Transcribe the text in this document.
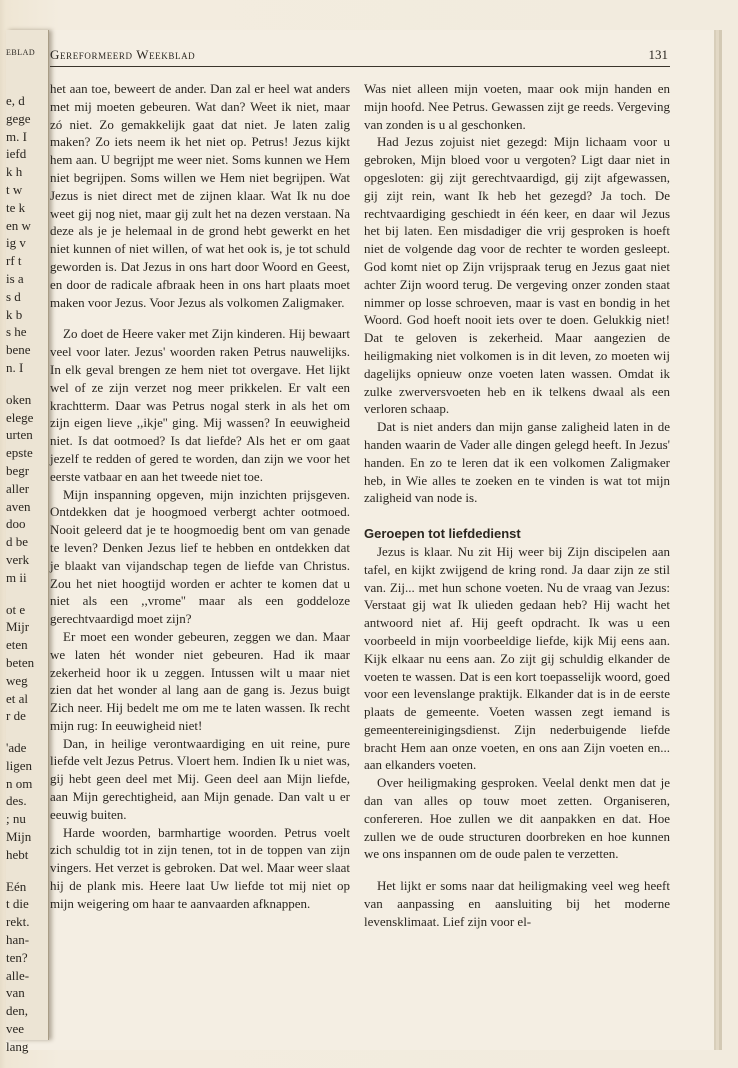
eblad
e, d
gege
m. I
iefd
k h
t w
te k
en w
ig v
rf t
is a
s d
k b
s he
bene
n. I
oken
elege
urten
epste
begr
aller
aven
doo
d be
verk
m ii
ot e
Mijr
eten
beten
weg
et al
r de
'ade
ligen
n om
des.
; nu
Mijn
hebt
Eén
t die
rekt.
han-
ten?
alle-
van
den,
vee
lang
Gereformeerd Weekblad	131

het aan toe, beweert de ander. Dan zal er heel wat anders met mij moeten gebeuren. Wat dan? Weet ik niet, maar zó niet. Zo gemakkelijk gaat dat niet. Je laten zalig maken? Zo iets neem ik het niet op. Petrus! Jezus kijkt hem aan. U begrijpt me weer niet. Soms kunnen we Hem niet begrijpen. Soms willen we Hem niet begrijpen. Wat Jezus is niet direct met de zijnen klaar. Wat Ik nu doe weet gij nog niet, maar gij zult het na dezen verstaan. Na deze als je je helemaal in de grond hebt gewerkt en het niet kunnen of niet willen, of wat het ook is, je tot schuld geworden is. Dat Jezus in ons hart door Woord en Geest, en door de radicale afbraak heen in ons hart plaats moet maken voor Jezus. Voor Jezus als volkomen Zaligmaker.

Zo doet de Heere vaker met Zijn kinderen. Hij bewaart veel voor later. Jezus' woorden raken Petrus nauwelijks. In elk geval brengen ze hem niet tot overgave. Het lijkt wel of ze zijn verzet nog meer prikkelen. Er valt een krachtterm. Daar was Petrus nogal sterk in als het om zijn eigen lieve ,,ikje'' ging. Mij wassen? In eeuwigheid niet. Is dat ootmoed? Is dat liefde? Als het er om gaat jezelf te redden of gered te worden, dan zijn we voor het eerste vatbaar en aan het tweede niet toe.

Mijn inspanning opgeven, mijn inzichten prijsgeven. Ontdekken dat je hoogmoed verbergt achter ootmoed. Nooit geleerd dat je te hoogmoedig bent om van genade te leven? Denken Jezus lief te hebben en ontdekken dat je blaakt van vijandschap tegen de liefde van Christus. Zou het niet hoogtijd worden er achter te komen dat u niet als een ,,vrome'' maar als een goddeloze gerechtvaardigd moet zijn?

Er moet een wonder gebeuren, zeggen we dan. Maar we laten hét wonder niet gebeuren. Had ik maar zekerheid hoor ik u zeggen. Intussen wilt u maar niet zien dat het wonder al lang aan de gang is. Jezus buigt Zich neer. Hij bedelt me om me te laten wassen. Ik recht mijn rug: In eeuwigheid niet!

Dan, in heilige verontwaardiging en uit reine, pure liefde velt Jezus Petrus. Vloert hem. Indien Ik u niet was, gij hebt geen deel met Mij. Geen deel aan Mijn liefde, aan Mijn gerechtigheid, aan Mijn genade. Dan valt u er eeuwig buiten.

Harde woorden, barmhartige woorden. Petrus voelt zich schuldig tot in zijn tenen, tot in de toppen van zijn vingers. Het verzet is gebroken. Dat wel. Maar weer slaat hij de plank mis. Heere laat Uw liefde tot mij niet op mijn weigering om haar te aanvaarden afknappen.

Was niet alleen mijn voeten, maar ook mijn handen en mijn hoofd. Nee Petrus. Gewassen zijt ge reeds. Vergeving van zonden is u al geschonken.

Had Jezus zojuist niet gezegd: Mijn lichaam voor u gebroken, Mijn bloed voor u vergoten? Ligt daar niet in opgesloten: gij zijt gerechtvaardigd, gij zijt afgewassen, gij zijt rein, want Ik heb het gezegd? Ja toch. De rechtvaardiging geschiedt in één keer, en daar wil Jezus het bij laten. Een misdadiger die vrij gesproken is hoeft niet de volgende dag voor de rechter te worden gesleept. God komt niet op Zijn vrijspraak terug en Jezus gaat niet achter Zijn woord terug. De vergeving onzer zonden staat nimmer op losse schroeven, maar is vast en bondig in het Woord. God hoeft nooit iets over te doen. Gelukkig niet! Dat te geloven is zekerheid. Maar aangezien de heiligmaking niet volkomen is in dit leven, zo moeten wij dagelijks opnieuw onze voeten laten wassen. Omdat ik zulke zwerversvoeten heb en ik telkens dwaal als een verloren schaap.

Dat is niet anders dan mijn ganse zaligheid laten in de handen waarin de Vader alle dingen gelegd heeft. In Jezus' handen. En zo te leren dat ik een volkomen Zaligmaker heb, in Wie alles te zoeken en te vinden is wat tot mijn zaligheid van node is.

Geroepen tot liefdedienst

Jezus is klaar. Nu zit Hij weer bij Zijn discipelen aan tafel, en kijkt zwijgend de kring rond. Ja daar zijn ze stil van. Zij... met hun schone voeten. Nu de vraag van Jezus: Verstaat gij wat Ik ulieden gedaan heb? Hij wacht het antwoord niet af. Hij geeft opdracht. Ik was u een voorbeeld in mijn voorbeeldige liefde, kijk Mij eens aan. Kijk elkaar nu eens aan. Zo zijt gij schuldig elkander de voeten te wassen. Dat is een kort toepasselijk woord, goed voor een levenslange praktijk. Elkander dat is in de eerste plaats de gemeente. Voeten wassen zegt iemand is gemeentereinigingsdienst. Zijn nederbuigende liefde bracht Hem aan onze voeten, en ons aan Zijn voeten en... aan elkanders voeten.

Over heiligmaking gesproken. Veelal denkt men dat je dan van alles op touw moet zetten. Organiseren, confereren. Hoe zullen we dit aanpakken en dat. Hoe zullen we de oude structuren doorbreken en hoe kunnen we ons inspannen om de oude palen te verzetten.

Het lijkt er soms naar dat heiligmaking veel weg heeft van aanpassing en aansluiting bij het moderne levensklimaat. Lief zijn voor el-
